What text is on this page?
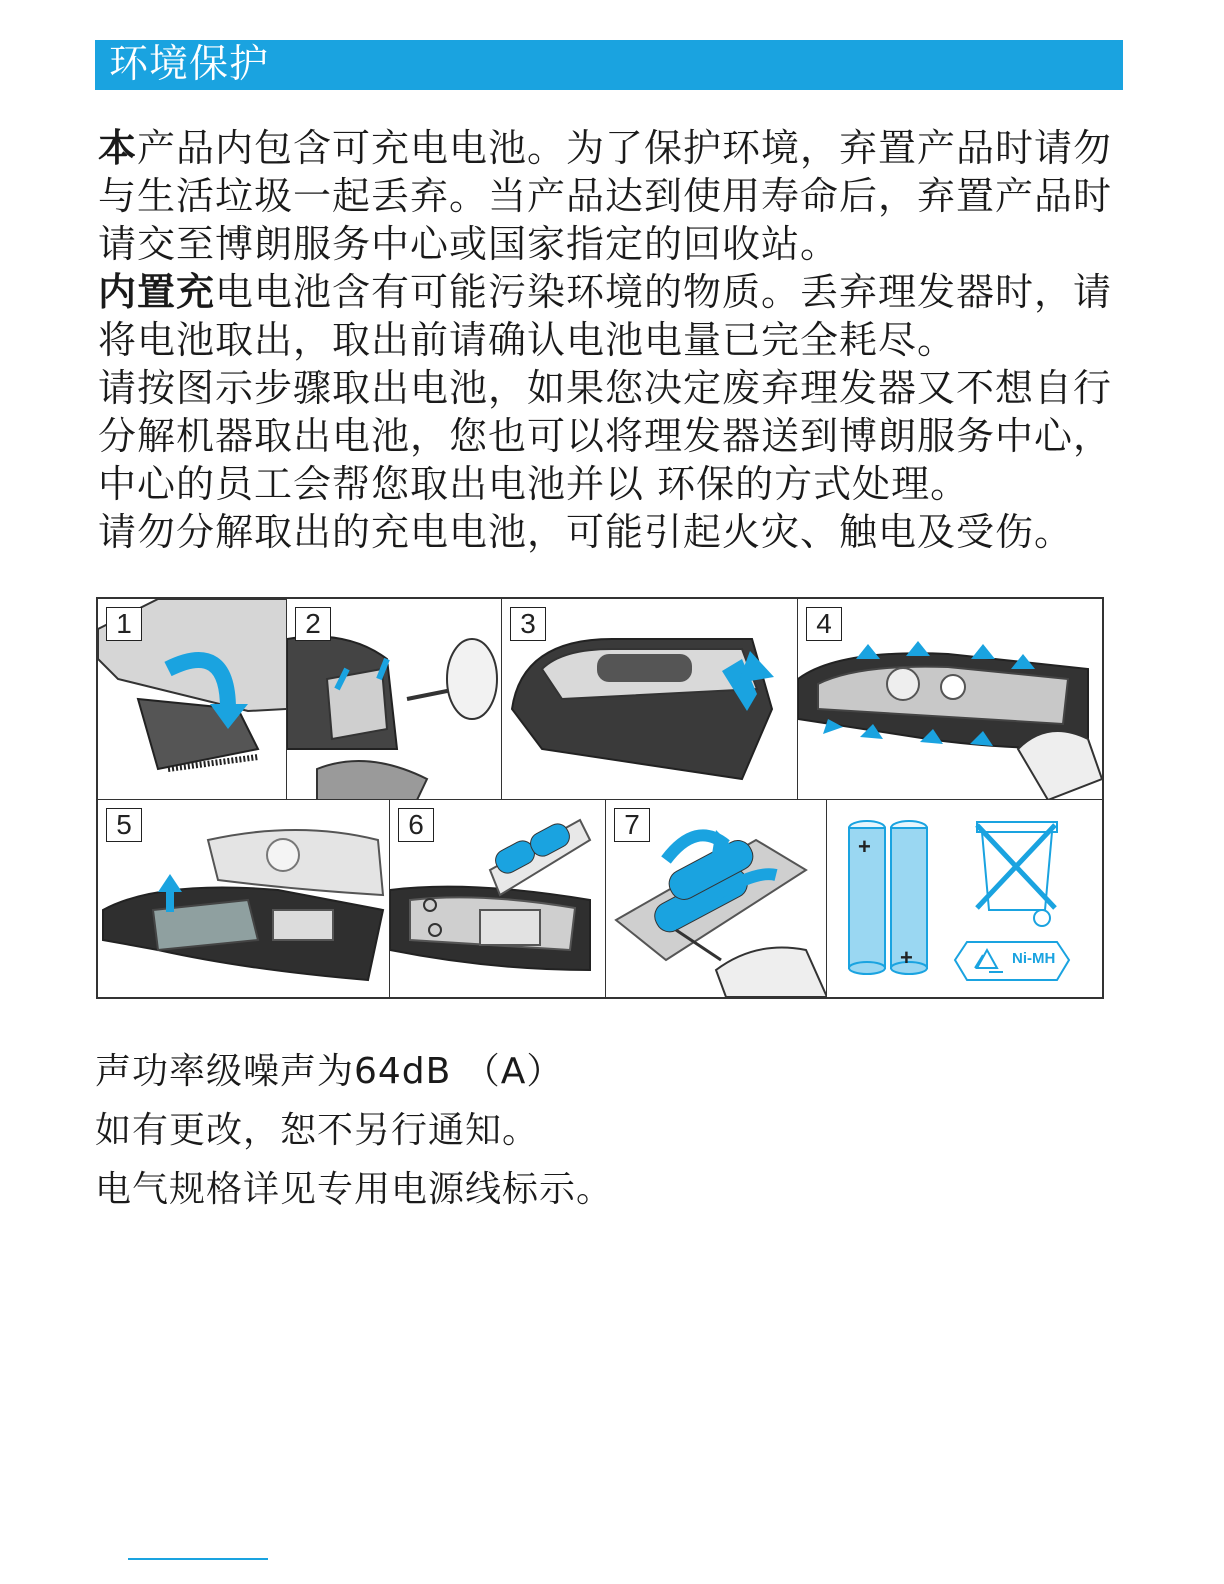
环境保护

本产品内包含可充电电池。为了保护环境，弃置产品时请勿与生活垃圾一起丢弃。当产品达到使用寿命后，弃置产品时请交至博朗服务中心或国家指定的回收站。

内置充电电池含有可能污染环境的物质。丢弃理发器时，请将电池取出，取出前请确认电池电量已完全耗尽。

请按图示步骤取出电池，如果您决定废弃理发器又不想自行分解机器取出电池，您也可以将理发器送到博朗服务中心，中心的员工会帮您取出电池并以 环保的方式处理。

请勿分解取出的充电电池，可能引起火灾、触电及受伤。

1	2	3	4
5	6	7
+
+	Ni-MH

声功率级噪声为64dB （A）

如有更改，恕不另行通知。

电气规格详见专用电源线标示。
